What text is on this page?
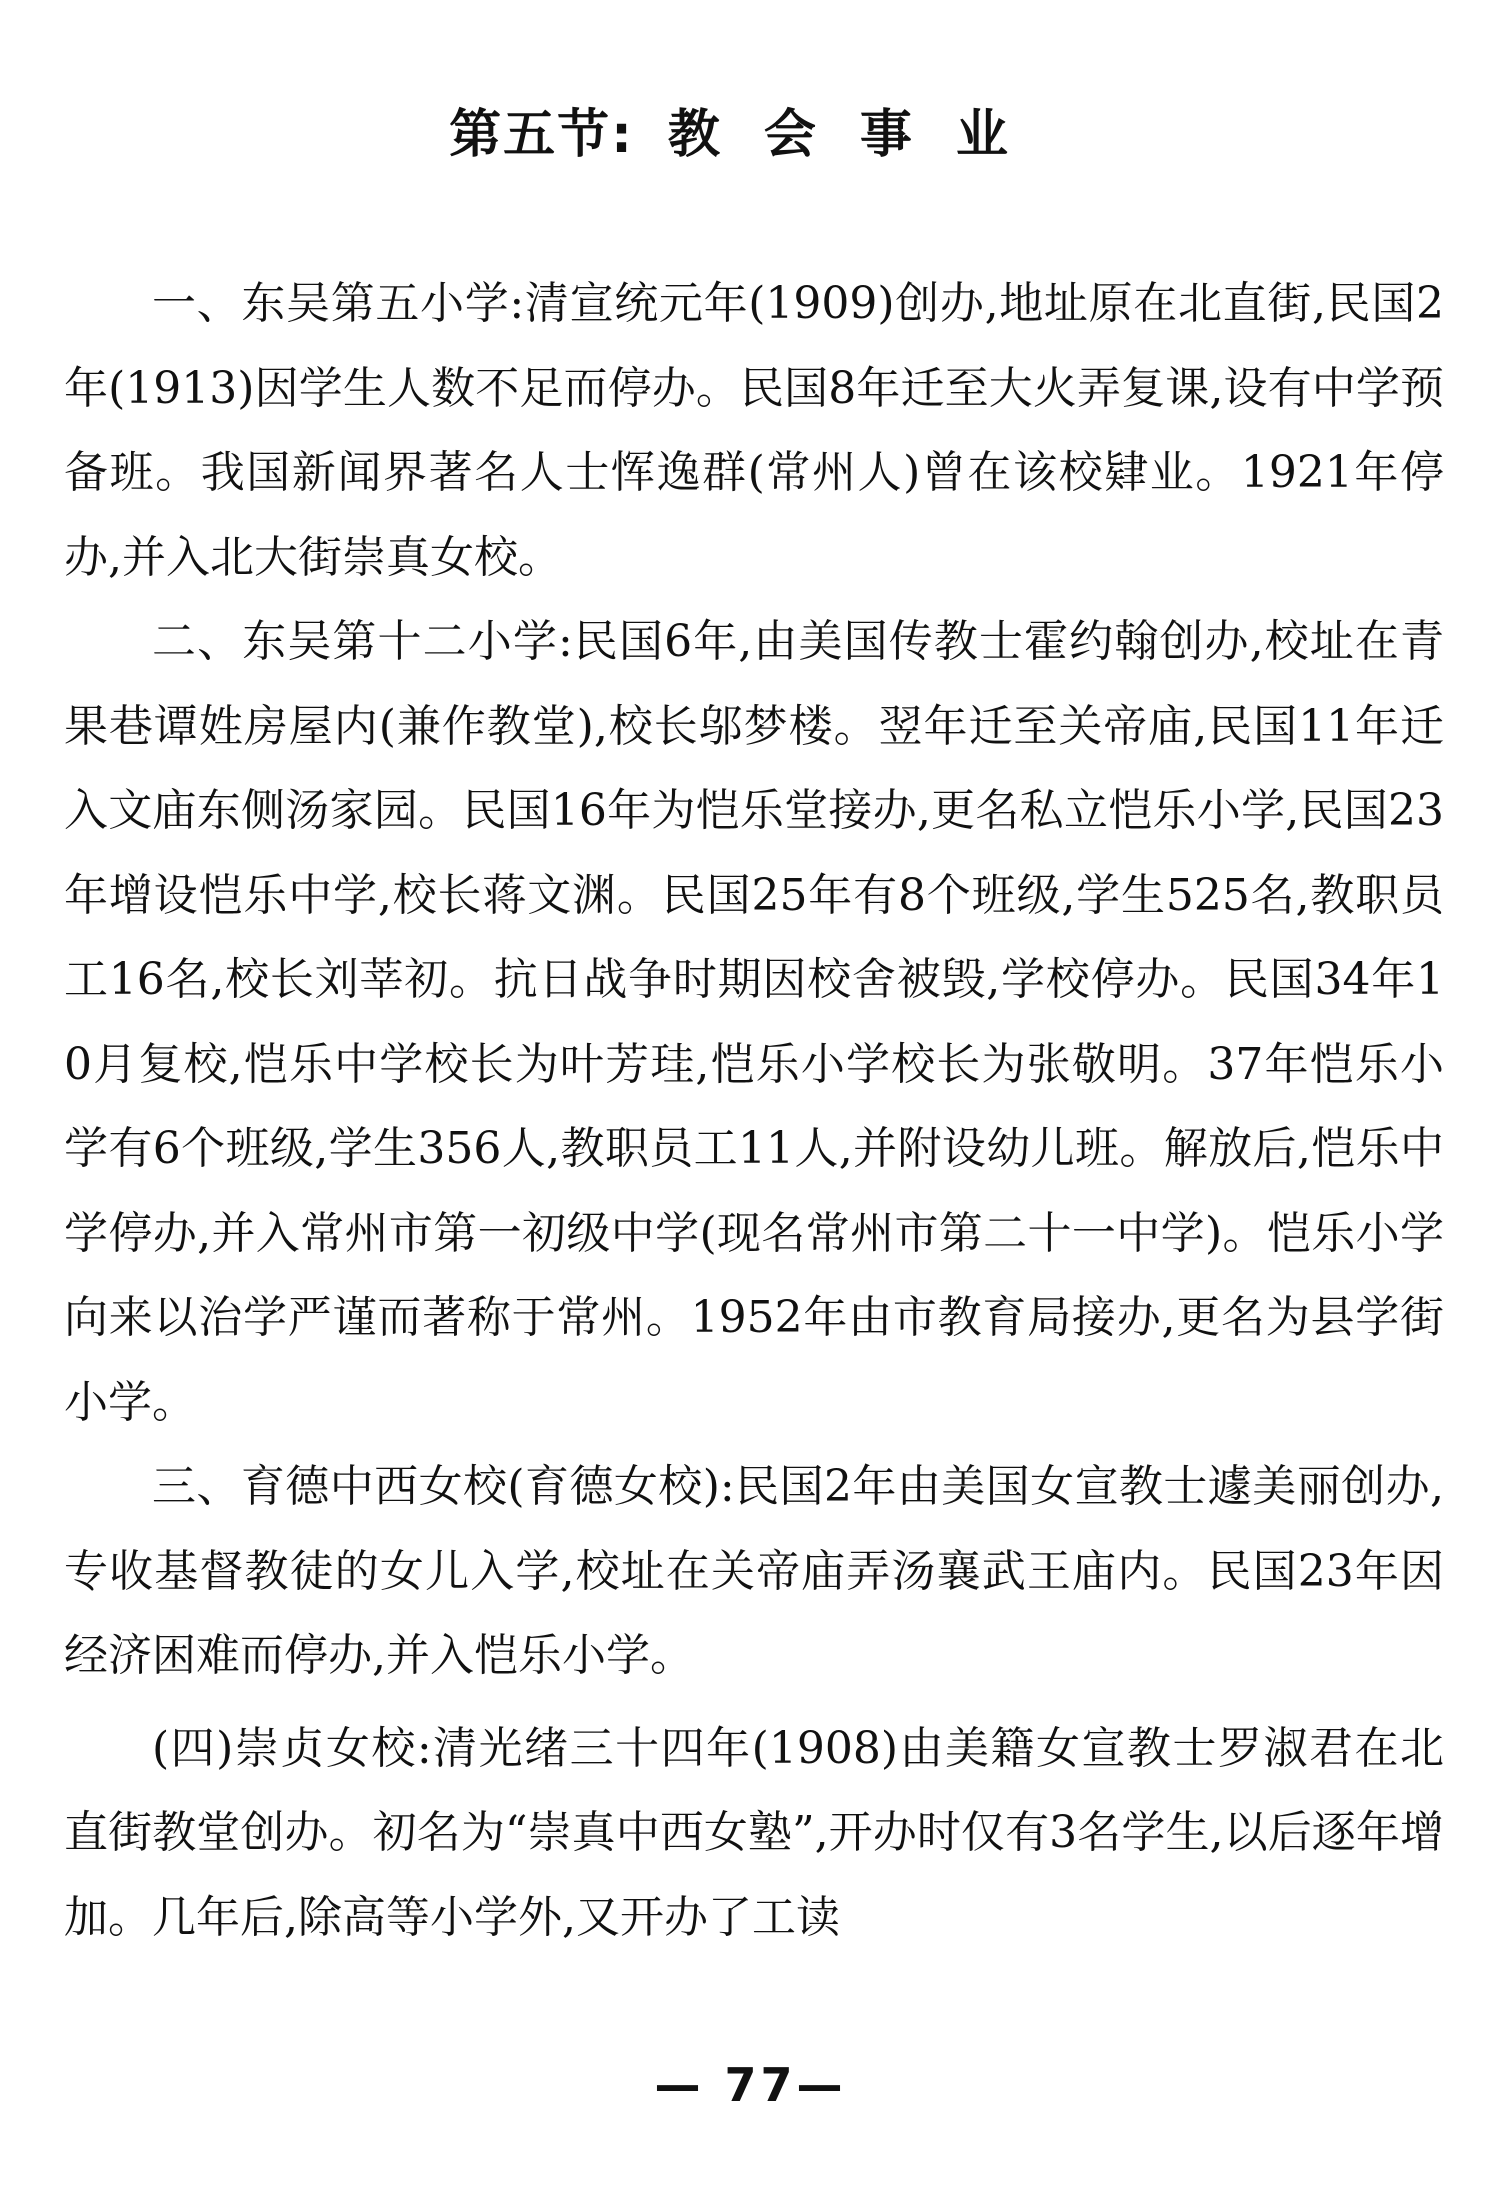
第五节: 教会事业

一、东吴第五小学:清宣统元年(1909)创办,地址原在北直街,民国2年(1913)因学生人数不足而停办。民国8年迁至大火弄复课,设有中学预备班。我国新闻界著名人士恽逸群(常州人)曾在该校肄业。1921年停办,并入北大街崇真女校。

二、东吴第十二小学:民国6年,由美国传教士霍约翰创办,校址在青果巷谭姓房屋内(兼作教堂),校长邬梦楼。翌年迁至关帝庙,民国11年迁入文庙东侧汤家园。民国16年为恺乐堂接办,更名私立恺乐小学,民国23年增设恺乐中学,校长蒋文渊。民国25年有8个班级,学生525名,教职员工16名,校长刘莘初。抗日战争时期因校舍被毁,学校停办。民国34年10月复校,恺乐中学校长为叶芳珪,恺乐小学校长为张敬明。37年恺乐小学有6个班级,学生356人,教职员工11人,并附设幼儿班。解放后,恺乐中学停办,并入常州市第一初级中学(现名常州市第二十一中学)。恺乐小学向来以治学严谨而著称于常州。1952年由市教育局接办,更名为县学街小学。

三、育德中西女校(育德女校):民国2年由美国女宣教士遽美丽创办,专收基督教徒的女儿入学,校址在关帝庙弄汤襄武王庙内。民国23年因经济困难而停办,并入恺乐小学。

(四)崇贞女校:清光绪三十四年(1908)由美籍女宣教士罗淑君在北直街教堂创办。初名为“崇真中西女塾”,开办时仅有3名学生,以后逐年增加。几年后,除高等小学外,又开办了工读

— 77—
